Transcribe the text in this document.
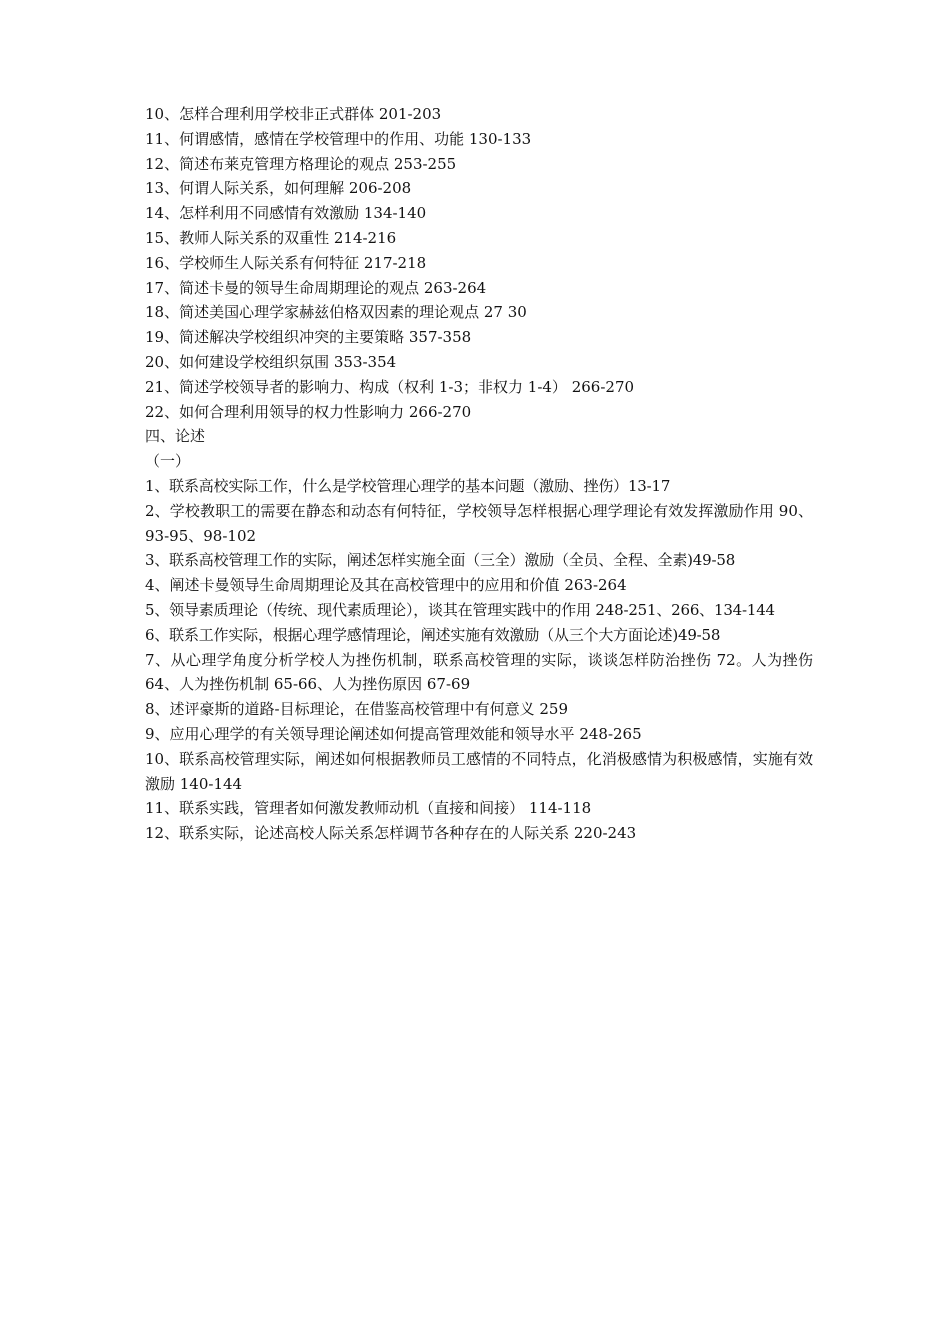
10、怎样合理利用学校非正式群体 201-203
11、何谓感情，感情在学校管理中的作用、功能 130-133
12、简述布莱克管理方格理论的观点 253-255
13、何谓人际关系，如何理解 206-208
14、怎样利用不同感情有效激励 134-140
15、教师人际关系的双重性 214-216
16、学校师生人际关系有何特征 217-218
17、简述卡曼的领导生命周期理论的观点 263-264
18、简述美国心理学家赫兹伯格双因素的理论观点 27 30
19、简述解决学校组织冲突的主要策略 357-358
20、如何建设学校组织氛围 353-354
21、简述学校领导者的影响力、构成（权利 1-3；非权力 1-4） 266-270
22、如何合理利用领导的权力性影响力 266-270
四、论述
（一）
1、联系高校实际工作，什么是学校管理心理学的基本问题（激励、挫伤）13-17
2、学校教职工的需要在静态和动态有何特征，学校领导怎样根据心理学理论有效发挥激励作用 90、93-95、98-102
3、联系高校管理工作的实际，阐述怎样实施全面（三全）激励（全员、全程、全素)49-58
4、阐述卡曼领导生命周期理论及其在高校管理中的应用和价值 263-264
5、领导素质理论（传统、现代素质理论），谈其在管理实践中的作用 248-251、266、134-144
6、联系工作实际，根据心理学感情理论，阐述实施有效激励（从三个大方面论述)49-58
7、从心理学角度分析学校人为挫伤机制，联系高校管理的实际，谈谈怎样防治挫伤 72。人为挫伤 64、人为挫伤机制 65-66、人为挫伤原因 67-69
8、述评豪斯的道路-目标理论，在借鉴高校管理中有何意义 259
9、应用心理学的有关领导理论阐述如何提高管理效能和领导水平 248-265
10、联系高校管理实际，阐述如何根据教师员工感情的不同特点，化消极感情为积极感情，实施有效激励 140-144
11、联系实践，管理者如何激发教师动机（直接和间接） 114-118
12、联系实际，论述高校人际关系怎样调节各种存在的人际关系 220-243
